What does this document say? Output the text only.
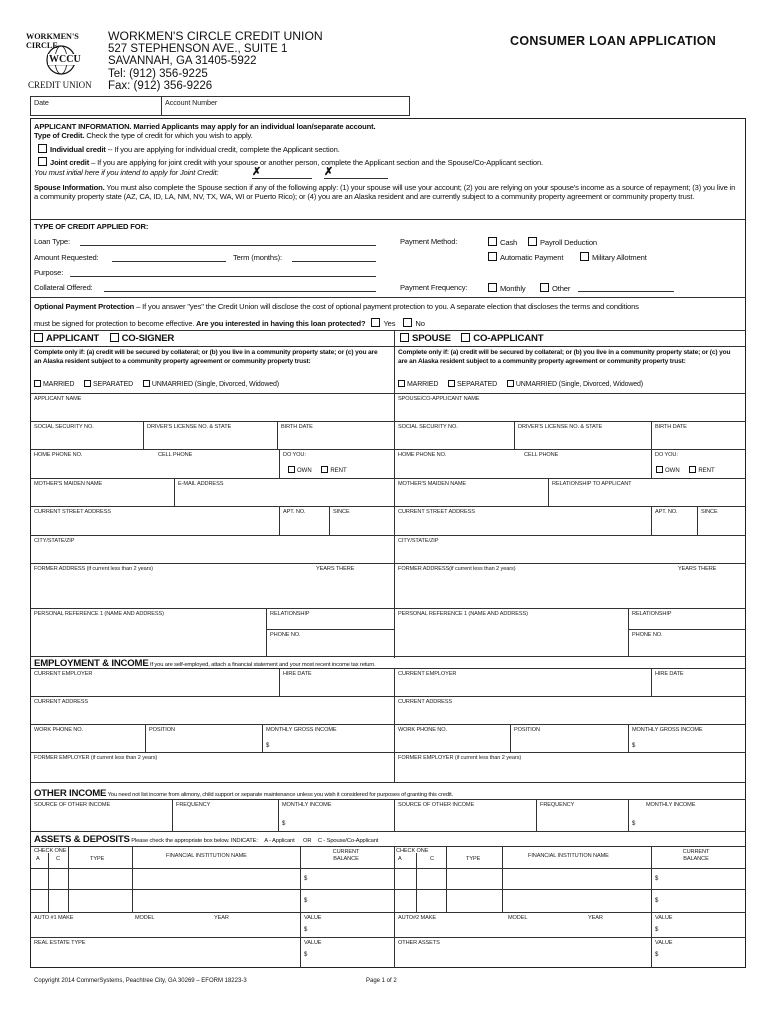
WORKMEN'S CIRCLE
WCCU
CREDIT UNION
WORKMEN'S CIRCLE CREDIT UNION
527 STEPHENSON AVE., SUITE 1
SAVANNAH, GA 31405-5922
Tel: (912) 356-9225
Fax: (912) 356-9226
CONSUMER LOAN APPLICATION
Date	Account Number
APPLICANT INFORMATION. Married Applicants may apply for an individual loan/separate account.
Type of Credit. Check the type of credit for which you wish to apply.
Individual credit -- If you are applying for individual credit, complete the Applicant section.
Joint credit – If you are applying for joint credit with your spouse or another person, complete the Applicant section and the Spouse/Co-Applicant section.
You must initial here if you intend to apply for Joint Credit:	✗	✗
Spouse Information. You must also complete the Spouse section if any of the following apply: (1) your spouse will use your account; (2) you are relying on your spouse's income as a source of repayment; (3) you live in a community property state (AZ, CA, ID, LA, NM, NV, TX, WA, WI or Puerto Rico); or (4) you are an Alaska resident and are currently subject to a community property agreement or community property trust.
TYPE OF CREDIT APPLIED FOR:
Loan Type:
Amount Requested:	Term (months):
Purpose:
Collateral Offered:
Payment Method:	Cash	Payroll Deduction
Automatic Payment	Military Allotment
Payment Frequency:	Monthly	Other
Optional Payment Protection – If you answer "yes" the Credit Union will disclose the cost of optional payment protection to you. A separate election that discloses the terms and conditions
must be signed for protection to become effective. Are you interested in having this loan protected? Yes	No
APPLICANT CO-SIGNER
Complete only if: (a) credit will be secured by collateral; or (b) you live in a community property state; or (c) you are an Alaska resident subject to a community property agreement or community property trust:
MARRIED	SEPARATED	UNMARRIED (Single, Divorced, Widowed)
SPOUSE CO-APPLICANT
Complete only if: (a) credit will be secured by collateral; or (b) you live in a community property state; or (c) you are an Alaska resident subject to a community property agreement or community property trust:
MARRIED	SEPARATED	UNMARRIED (Single, Divorced, Widowed)
APPLICANT NAME
SOCIAL SECURITY NO.	DRIVER'S LICENSE NO. & STATE	BIRTH DATE
HOME PHONE NO.	CELL PHONE	DO YOU:
OWN	RENT
MOTHER'S MAIDEN NAME	E-MAIL ADDRESS
CURRENT STREET ADDRESS	APT. NO.	SINCE
CITY/STATE/ZIP
FORMER ADDRESS (if current less than 2 years)	YEARS THERE
PERSONAL REFERENCE 1 (NAME AND ADDRESS)	RELATIONSHIP
PHONE NO.
SPOUSE/CO-APPLICANT NAME
SOCIAL SECURITY NO.	DRIVER'S LICENSE NO. & STATE	BIRTH DATE
HOME PHONE NO.	CELL PHONE	DO YOU:
OWN	RENT
MOTHER'S MAIDEN NAME	RELATIONSHIP TO APPLICANT
CURRENT STREET ADDRESS	APT. NO.	SINCE
CITY/STATE/ZIP
FORMER ADDRESS(if current less than 2 years)	YEARS THERE
PERSONAL REFERENCE 1 (NAME AND ADDRESS)	RELATIONSHIP
PHONE NO.
EMPLOYMENT & INCOME If you are self-employed, attach a financial statement and your most recent income tax return.
CURRENT EMPLOYER	HIRE DATE
CURRENT ADDRESS
WORK PHONE NO.	POSITION	MONTHLY GROSS INCOME
$
FORMER EMPLOYER (if current less than 2 years)
CURRENT EMPLOYER	HIRE DATE
CURRENT ADDRESS
WORK PHONE NO.	POSITION	MONTHLY GROSS INCOME
$
FORMER EMPLOYER (if current less than 2 years)
OTHER INCOME You need not list income from alimony, child support or separate maintenance unless you wish it considered for purposes of granting this credit.
SOURCE OF OTHER INCOME	FREQUENCY	MONTHLY INCOME
$
SOURCE OF OTHER INCOME	FREQUENCY	MONTHLY INCOME
$
ASSETS & DEPOSITS Please check the appropriate box below. INDICATE: A - Applicant OR C - Spouse/Co-Applicant
CHECK ONE
A	C	TYPE	FINANCIAL INSTITUTION NAME
CURRENT BALANCE
$
$
AUTO #1 MAKE	MODEL	YEAR	VALUE
$
REAL ESTATE TYPE	VALUE
$
CHECK ONE
A	C	TYPE	FINANCIAL INSTITUTION NAME
CURRENT BALANCE
$
$
AUTO#2 MAKE	MODEL	YEAR	VALUE
$
OTHER ASSETS	VALUE
$
Copyright 2014 CommerSystems, Peachtree City, GA 30269 – EFORM 18223-3	Page 1 of 2
